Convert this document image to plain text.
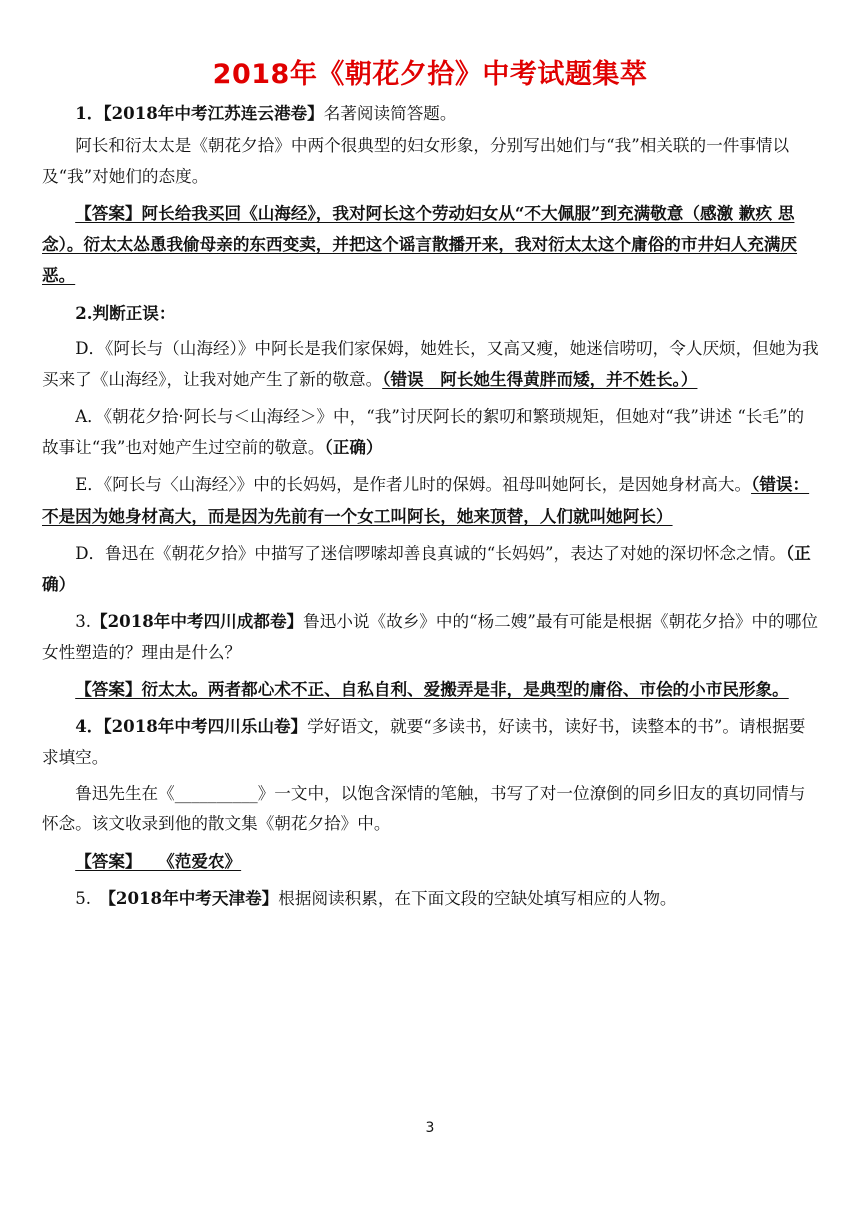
2018年《朝花夕拾》中考试题集萃

1．【2018年中考江苏连云港卷】名著阅读简答题。

阿长和衍太太是《朝花夕拾》中两个很典型的妇女形象，分别写出她们与“我”相关联的一件事情以及“我”对她们的态度。

【答案】阿长给我买回《山海经》，我对阿长这个劳动妇女从“不大佩服”到充满敬意（感激 歉疚 思念）。衍太太怂恿我偷母亲的东西变卖，并把这个谣言散播开来，我对衍太太这个庸俗的市井妇人充满厌恶。

2.判断正误：

D．《阿长与（山海经）》中阿长是我们家保姆，她姓长，又高又瘦，她迷信唠叨，令人厌烦，但她为我买来了《山海经》，让我对她产生了新的敬意。（错误　阿长她生得黄胖而矮，并不姓长。）

A．《朝花夕拾·阿长与＜山海经＞》中，“我”讨厌阿长的絮叨和繁琐规矩，但她对“我”讲述 “长毛”的故事让“我”也对她产生过空前的敬意。（正确）

E．《阿长与〈山海经〉》中的长妈妈，是作者儿时的保姆。祖母叫她阿长，是因她身材高大。（错误：不是因为她身材高大，而是因为先前有一个女工叫阿长，她来顶替，人们就叫她阿长）

D．鲁迅在《朝花夕拾》中描写了迷信啰嗦却善良真诚的“长妈妈”，表达了对她的深切怀念之情。（正确）

3.【2018年中考四川成都卷】鲁迅小说《故乡》中的“杨二嫂”最有可能是根据《朝花夕拾》中的哪位女性塑造的？理由是什么？

【答案】衍太太。两者都心术不正、自私自利、爱搬弄是非，是典型的庸俗、市侩的小市民形象。

4．【2018年中考四川乐山卷】学好语文，就要“多读书，好读书，读好书，读整本的书”。请根据要求填空。

鲁迅先生在《__________》一文中，以饱含深情的笔触，书写了对一位潦倒的同乡旧友的真切同情与怀念。该文收录到他的散文集《朝花夕拾》中。

【答案】　　《范爱农》

5.　【2018年中考天津卷】根据阅读积累，在下面文段的空缺处填写相应的人物。

3
